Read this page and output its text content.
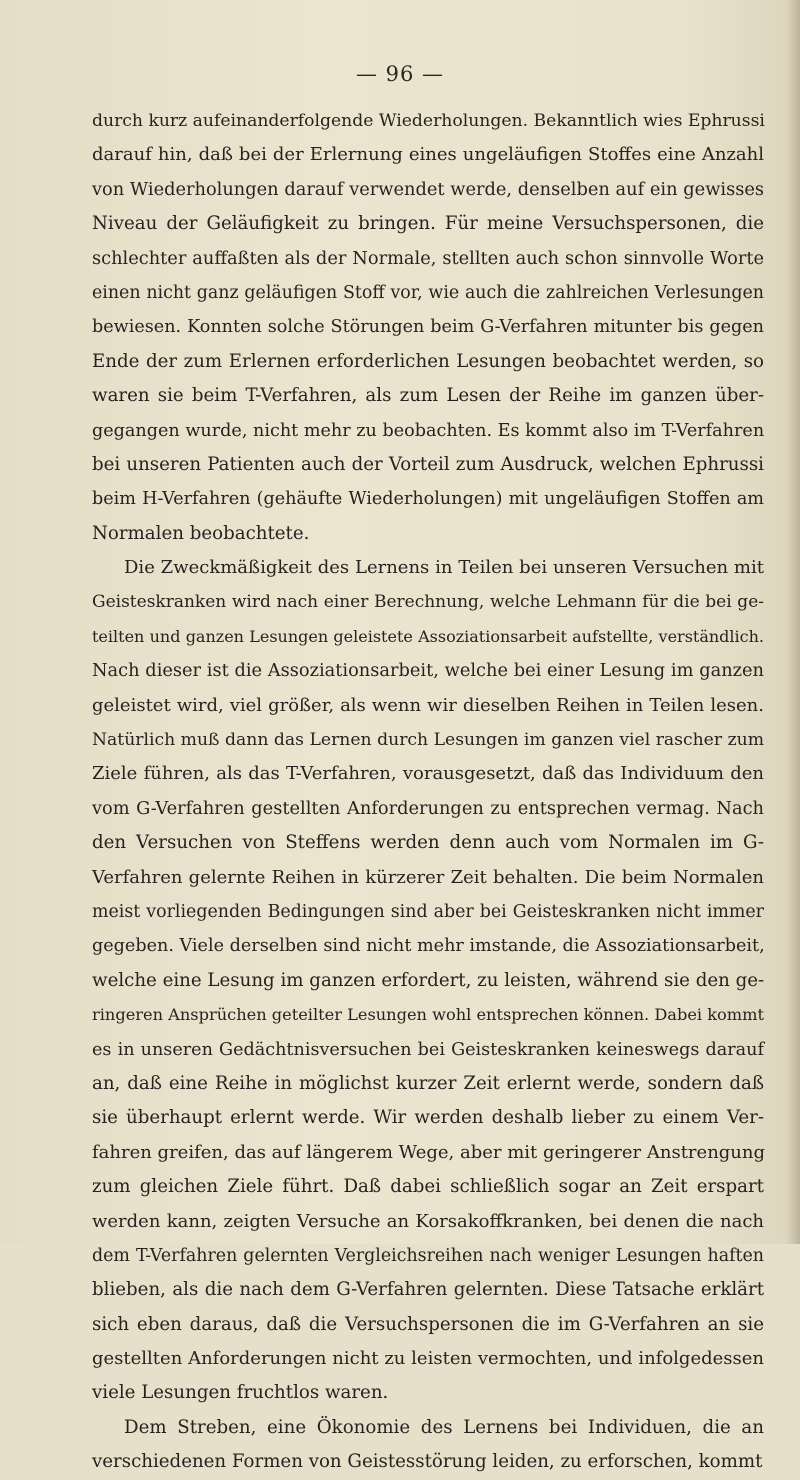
— 96 —
durch kurz aufeinanderfolgende Wiederholungen. Bekanntlich wies Ephrussi
darauf hin, daß bei der Erlernung eines ungeläufigen Stoffes eine Anzahl
von Wiederholungen darauf verwendet werde, denselben auf ein gewisses
Niveau der Geläufigkeit zu bringen. Für meine Versuchspersonen, die
schlechter auffaßten als der Normale, stellten auch schon sinnvolle Worte
einen nicht ganz geläufigen Stoff vor, wie auch die zahlreichen Verlesungen
bewiesen. Konnten solche Störungen beim G-Verfahren mitunter bis gegen
Ende der zum Erlernen erforderlichen Lesungen beobachtet werden, so
waren sie beim T-Verfahren, als zum Lesen der Reihe im ganzen über-
gegangen wurde, nicht mehr zu beobachten. Es kommt also im T-Verfahren
bei unseren Patienten auch der Vorteil zum Ausdruck, welchen Ephrussi
beim H-Verfahren (gehäufte Wiederholungen) mit ungeläufigen Stoffen am
Normalen beobachtete.
Die Zweckmäßigkeit des Lernens in Teilen bei unseren Versuchen mit
Geisteskranken wird nach einer Berechnung, welche Lehmann für die bei ge-
teilten und ganzen Lesungen geleistete Assoziationsarbeit aufstellte, verständlich.
Nach dieser ist die Assoziationsarbeit, welche bei einer Lesung im ganzen
geleistet wird, viel größer, als wenn wir dieselben Reihen in Teilen lesen.
Natürlich muß dann das Lernen durch Lesungen im ganzen viel rascher zum
Ziele führen, als das T-Verfahren, vorausgesetzt, daß das Individuum den
vom G-Verfahren gestellten Anforderungen zu entsprechen vermag. Nach
den Versuchen von Steffens werden denn auch vom Normalen im G-
Verfahren gelernte Reihen in kürzerer Zeit behalten. Die beim Normalen
meist vorliegenden Bedingungen sind aber bei Geisteskranken nicht immer
gegeben. Viele derselben sind nicht mehr imstande, die Assoziationsarbeit,
welche eine Lesung im ganzen erfordert, zu leisten, während sie den ge-
ringeren Ansprüchen geteilter Lesungen wohl entsprechen können. Dabei kommt
es in unseren Gedächtnisversuchen bei Geisteskranken keineswegs darauf
an, daß eine Reihe in möglichst kurzer Zeit erlernt werde, sondern daß
sie überhaupt erlernt werde. Wir werden deshalb lieber zu einem Ver-
fahren greifen, das auf längerem Wege, aber mit geringerer Anstrengung
zum gleichen Ziele führt. Daß dabei schließlich sogar an Zeit erspart
werden kann, zeigten Versuche an Korsakoffkranken, bei denen die nach
dem T-Verfahren gelernten Vergleichsreihen nach weniger Lesungen haften
blieben, als die nach dem G-Verfahren gelernten. Diese Tatsache erklärt
sich eben daraus, daß die Versuchspersonen die im G-Verfahren an sie
gestellten Anforderungen nicht zu leisten vermochten, und infolgedessen
viele Lesungen fruchtlos waren.
Dem Streben, eine Ökonomie des Lernens bei Individuen, die an
verschiedenen Formen von Geistesstörung leiden, zu erforschen, kommt
